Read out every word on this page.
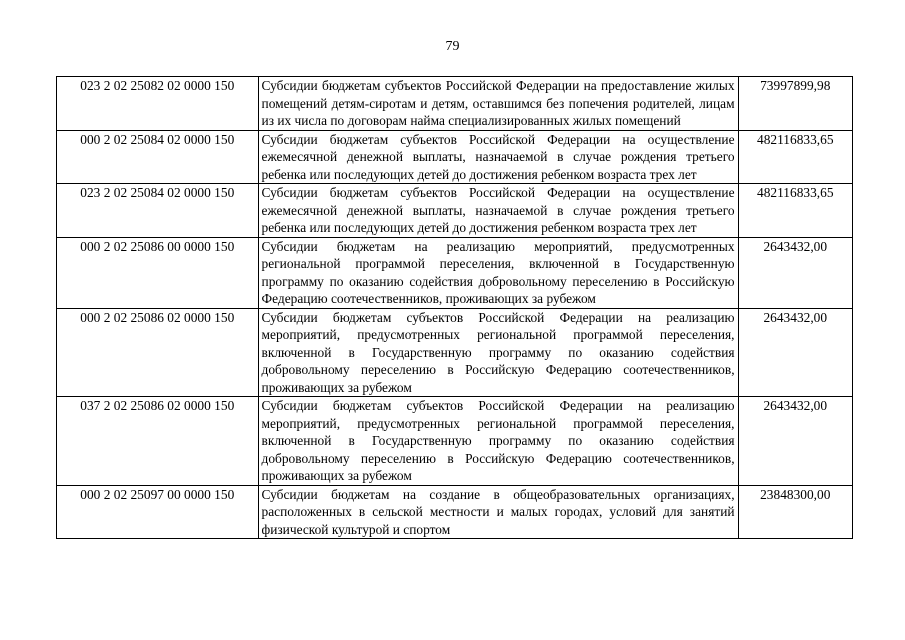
79
023 2 02 25082 02 0000 150	Субсидии бюджетам субъектов Российской Федерации на предоставление жилых помещений детям-сиротам и детям, оставшимся без попечения родителей, лицам из их числа по договорам найма специализированных жилых помещений	73997899,98
000 2 02 25084 02 0000 150	Субсидии бюджетам субъектов Российской Федерации на осуществление ежемесячной денежной выплаты, назначаемой в случае рождения третьего ребенка или последующих детей до достижения ребенком возраста трех лет	482116833,65
023 2 02 25084 02 0000 150	Субсидии бюджетам субъектов Российской Федерации на осуществление ежемесячной денежной выплаты, назначаемой в случае рождения третьего ребенка или последующих детей до достижения ребенком возраста трех лет	482116833,65
000 2 02 25086 00 0000 150	Субсидии бюджетам на реализацию мероприятий, предусмотренных региональной программой переселения, включенной в Государственную программу по оказанию содействия добровольному переселению в Российскую Федерацию соотечественников, проживающих за рубежом	2643432,00
000 2 02 25086 02 0000 150	Субсидии бюджетам субъектов Российской Федерации на реализацию мероприятий, предусмотренных региональной программой переселения, включенной в Государственную программу по оказанию содействия добровольному переселению в Российскую Федерацию соотечественников, проживающих за рубежом	2643432,00
037 2 02 25086 02 0000 150	Субсидии бюджетам субъектов Российской Федерации на реализацию мероприятий, предусмотренных региональной программой переселения, включенной в Государственную программу по оказанию содействия добровольному переселению в Российскую Федерацию соотечественников, проживающих за рубежом	2643432,00
000 2 02 25097 00 0000 150	Субсидии бюджетам на создание в общеобразовательных организациях, расположенных в сельской местности и малых городах, условий для занятий физической культурой и спортом	23848300,00
